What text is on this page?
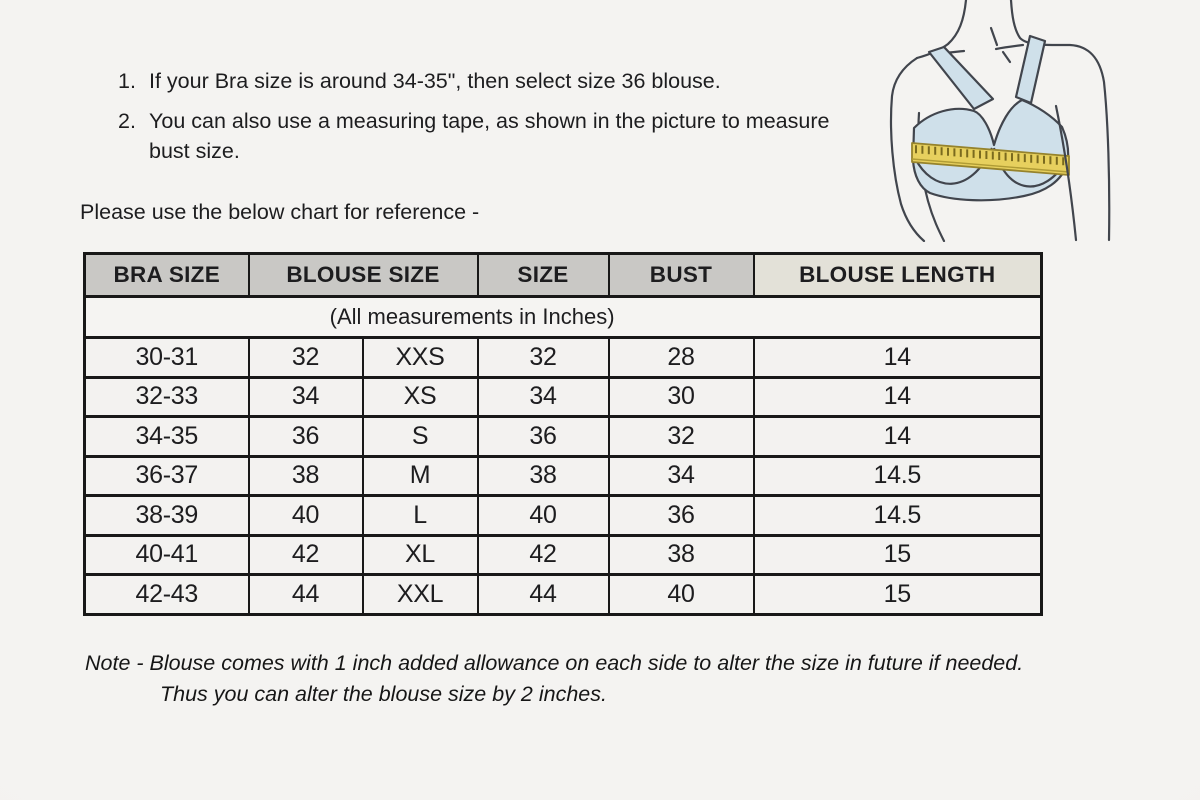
1. If your Bra size is around 34-35", then select size 36 blouse.
2. You can also use a measuring tape, as shown in the picture to measure
bust size.
Please use the below chart for reference -
BRA SIZE	BLOUSE SIZE		SIZE	BUST	BLOUSE LENGTH
(All measurements in Inches)					
30-31	32	XXS	32	28	14
32-33	34	XS	34	30	14
34-35	36	S	36	32	14
36-37	38	M	38	34	14.5
38-39	40	L	40	36	14.5
40-41	42	XL	42	38	15
42-43	44	XXL	44	40	15
Note - Blouse comes with 1 inch added allowance on each side to alter the size in future if needed.
Thus you can alter the blouse size by 2 inches.
